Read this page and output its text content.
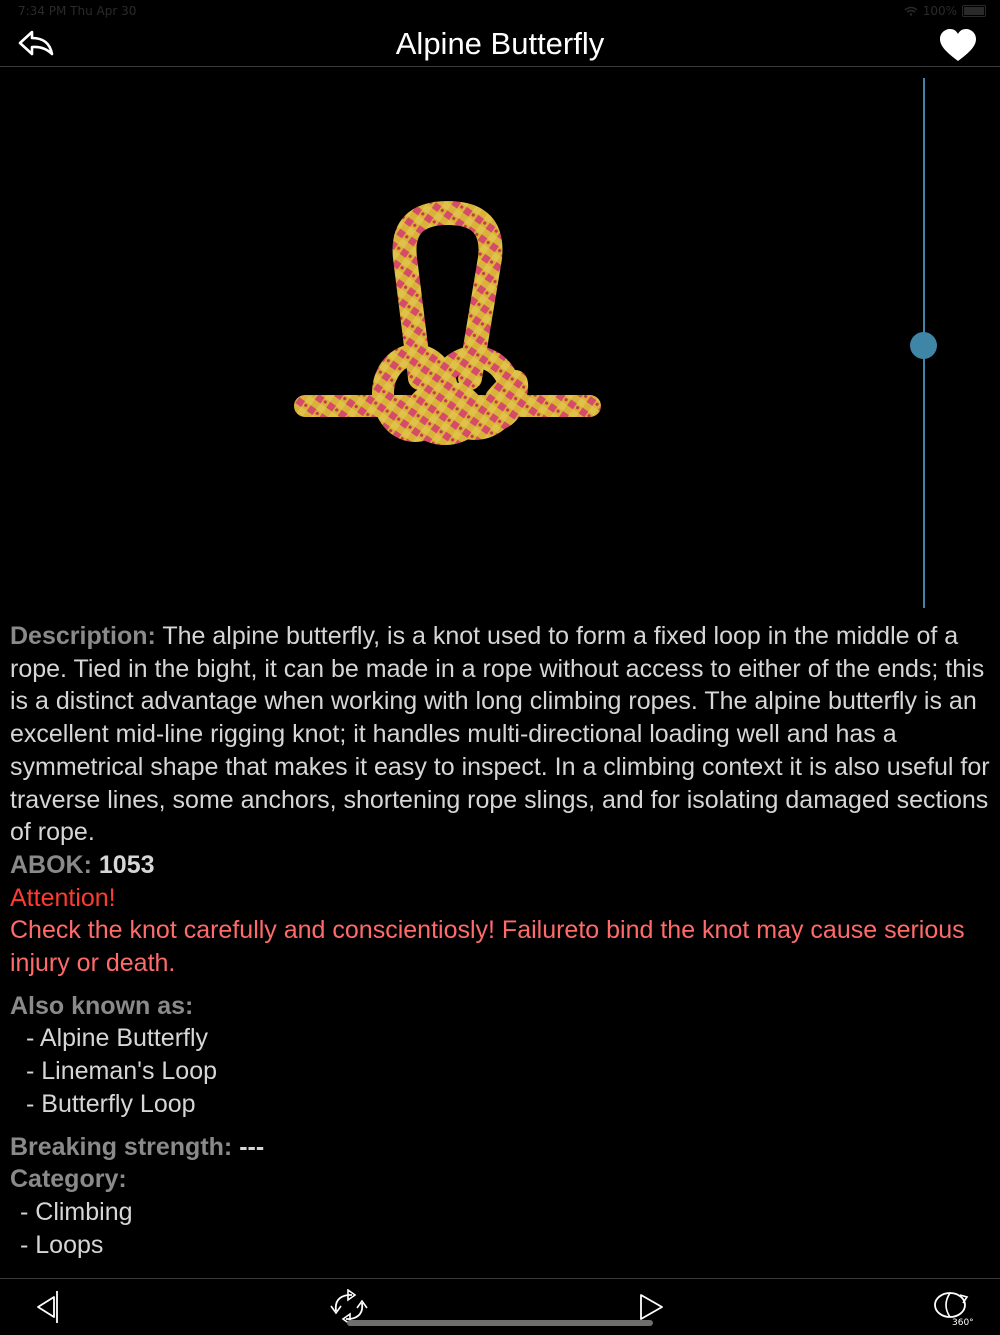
7:34 PM Thu Apr 30	100%
Alpine Butterfly

Description: The alpine butterfly, is a knot used to form a fixed loop in the middle of a rope. Tied in the bight, it can be made in a rope without access to either of the ends; this is a distinct advantage when working with long climbing ropes. The alpine butterfly is an excellent mid-line rigging knot; it handles multi-directional loading well and has a symmetrical shape that makes it easy to inspect. In a climbing context it is also useful for traverse lines, some anchors, shortening rope slings, and for isolating damaged sections of rope.

ABOK: 1053

Attention!

Check the knot carefully and conscientiosly! Failureto bind the knot may cause serious injury or death.

Also known as:

- Alpine Butterfly

- Lineman's Loop

- Butterfly Loop

Breaking strength: ---

Category:

- Climbing

- Loops

360°
